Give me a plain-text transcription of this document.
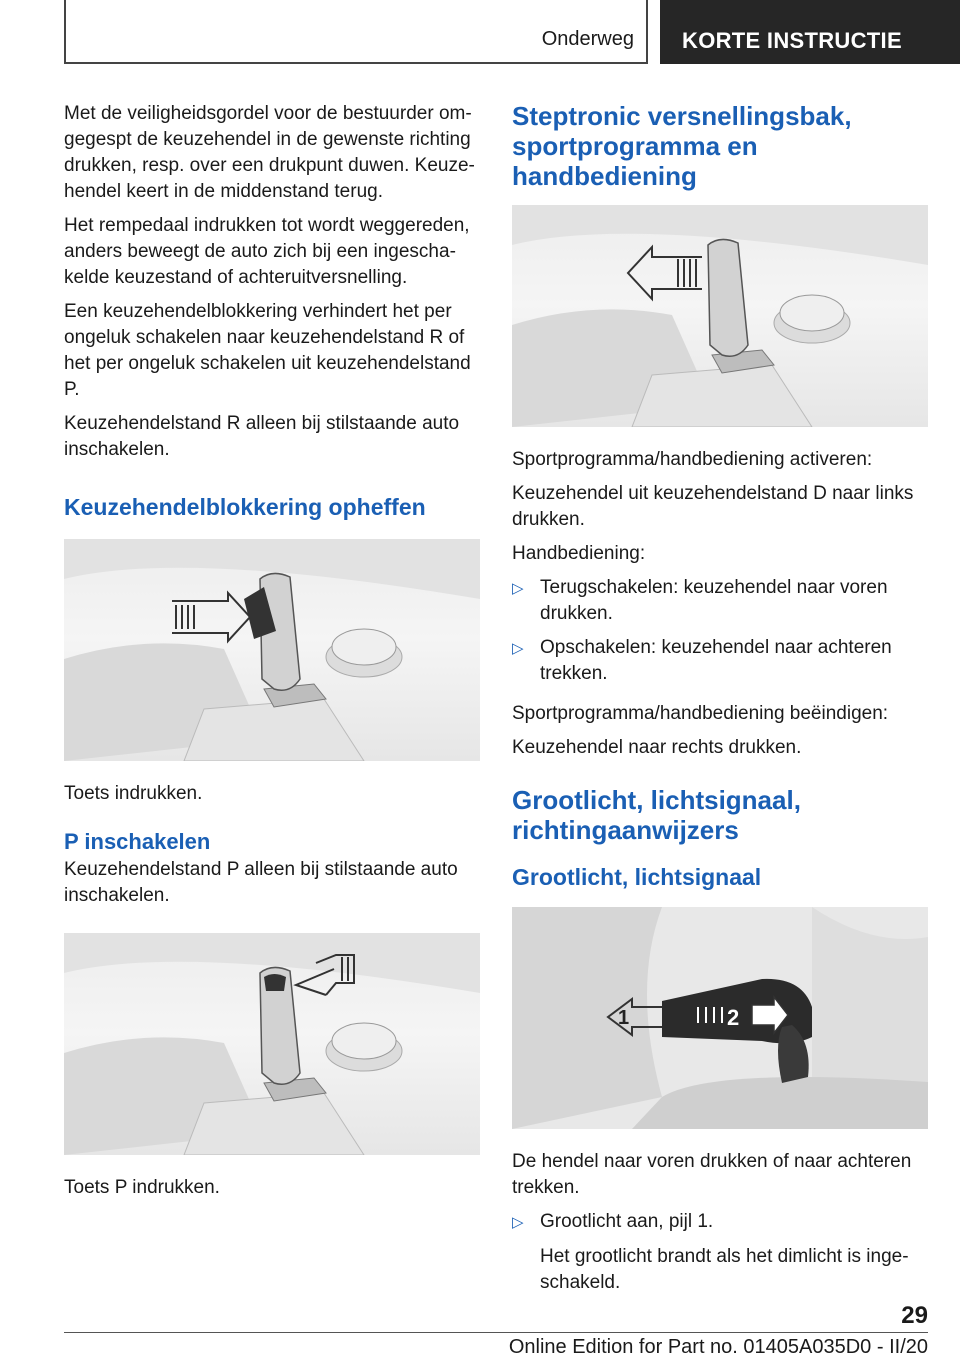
Onderweg	KORTE INSTRUCTIE

Met de veiligheidsgordel voor de bestuurder omgegespt de keuzehendel in de gewenste richting drukken, resp. over een drukpunt duwen. Keuzehendel keert in de middenstand terug.

Het rempedaal indrukken tot wordt weggereden, anders beweegt de auto zich bij een ingeschakelde keuzestand of achteruitversnelling.

Een keuzehendelblokkering verhindert het per ongeluk schakelen naar keuzehendelstand R of het per ongeluk schakelen uit keuzehendelstand P.

Keuzehendelstand R alleen bij stilstaande auto inschakelen.

Keuzehendelblokkering opheffen

Toets indrukken.

P inschakelen

Keuzehendelstand P alleen bij stilstaande auto inschakelen.

Toets P indrukken.

Steptronic versnellingsbak, sportprogramma en handbediening

Sportprogramma/handbediening activeren:

Keuzehendel uit keuzehendelstand D naar links drukken.

Handbediening:

▷ Terugschakelen: keuzehendel naar voren drukken.
▷ Opschakelen: keuzehendel naar achteren trekken.

Sportprogramma/handbediening beëindigen:

Keuzehendel naar rechts drukken.

Grootlicht, lichtsignaal, richtingaanwijzers
Grootlicht, lichtsignaal
1	2

De hendel naar voren drukken of naar achteren trekken.

▷ Grootlicht aan, pijl 1.

Het grootlicht brandt als het dimlicht is ingeschakeld.

29
Online Edition for Part no. 01405A035D0 - II/20
